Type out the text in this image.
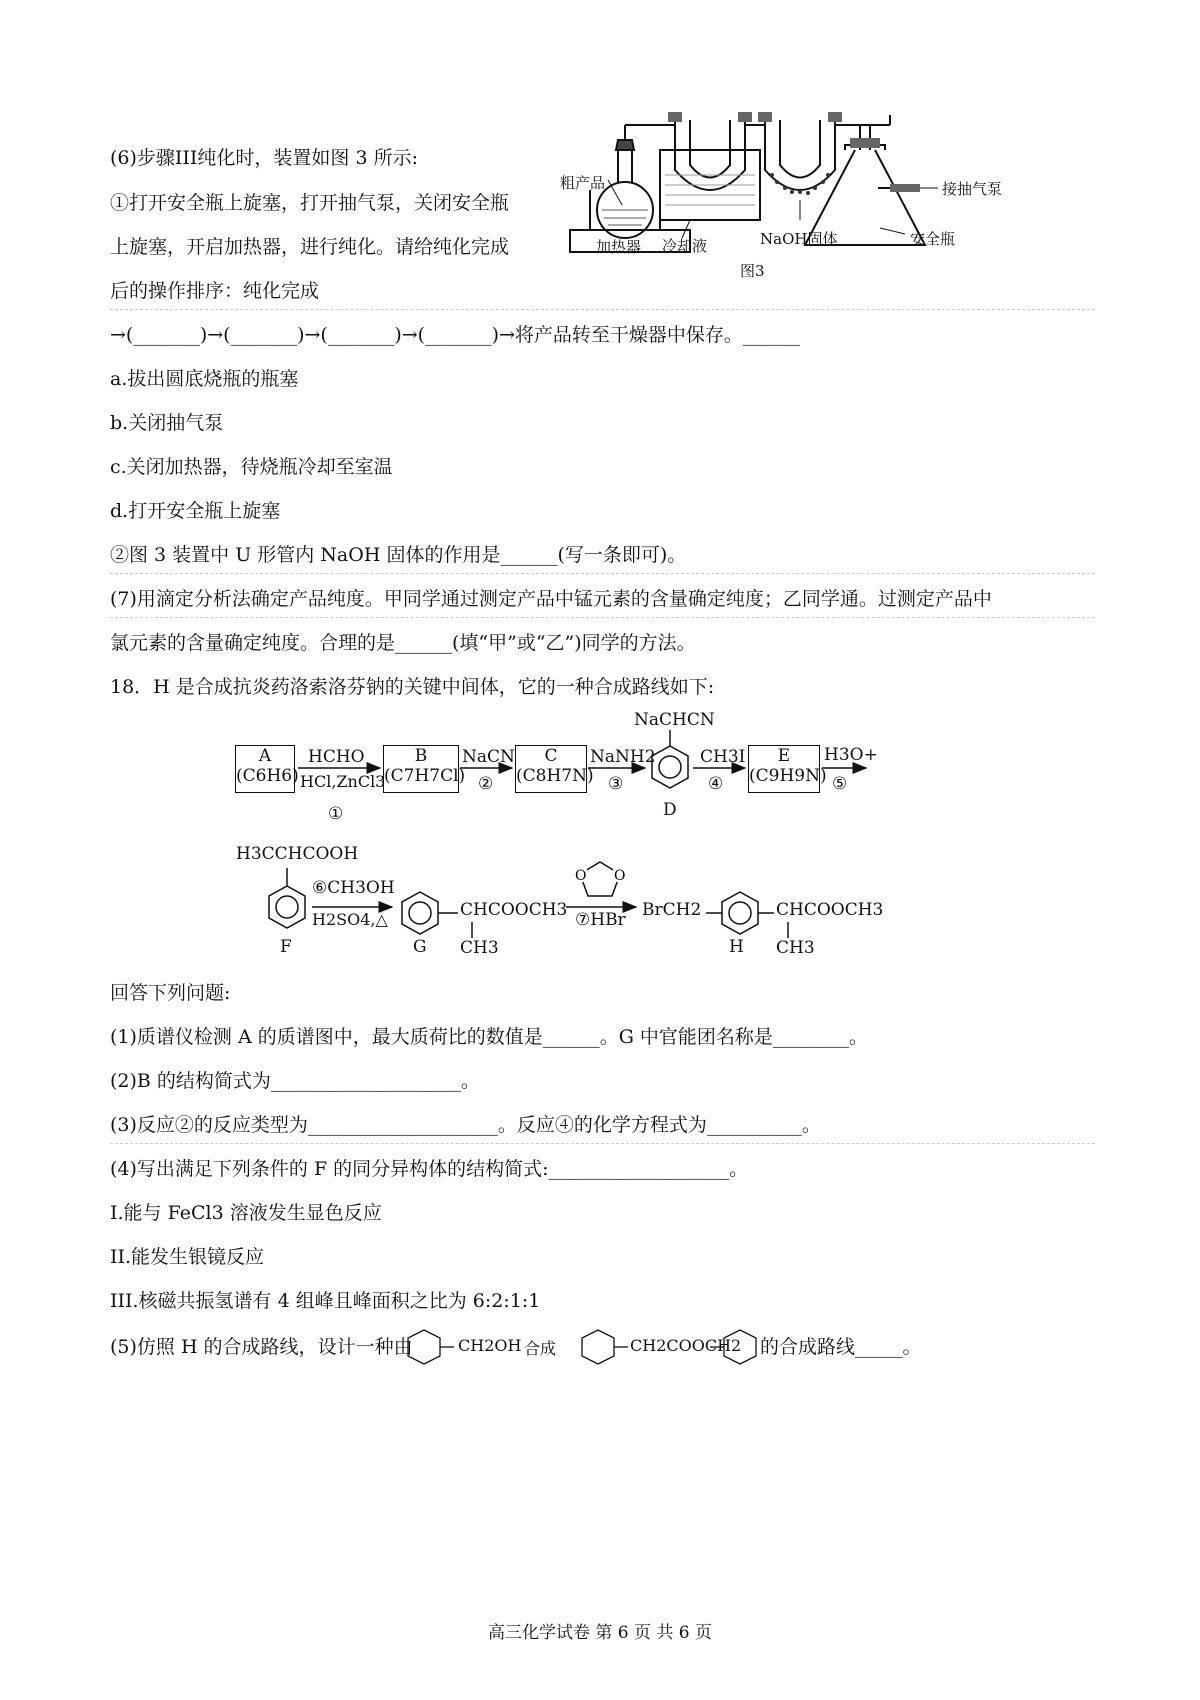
(6)步骤III纯化时，装置如图 3 所示:
①打开安全瓶上旋塞，打开抽气泵，关闭安全瓶
上旋塞，开启加热器，进行纯化。请给纯化完成
后的操作排序：纯化完成
粗产品
加热器 冷却液	NaOH固体
接抽气泵
安全瓶
图3
→(_______)→(_______)→(_______)→(_______)→将产品转至干燥器中保存。______
a.拔出圆底烧瓶的瓶塞
b.关闭抽气泵
c.关闭加热器，待烧瓶冷却至室温
d.打开安全瓶上旋塞
②图 3 装置中 U 形管内 NaOH 固体的作用是______(写一条即可)。
(7)用滴定分析法确定产品纯度。甲同学通过测定产品中锰元素的含量确定纯度；乙同学通。过测定产品中
氯元素的含量确定纯度。合理的是______(填“甲”或“乙”)同学的方法。
18．H 是合成抗炎药洛索洛芬钠的关键中间体，它的一种合成路线如下:
A
(C6H6)
B
(C7H7Cl)
C
(C8H7N)
E
(C9H9N)
HCHO
HCl,ZnCl3
①
NaCN
②
NaNH2
③
NaCHCN
D
CH3I
④
H3O+
⑤
O O
H3CCHCOOH
F
⑥CH3OH
H2SO4,△	CHCOOCH3
CH3
G
⑦HBr BrCH2	CHCOOCH3
CH3
H
回答下列问题:
(1)质谱仪检测 A 的质谱图中，最大质荷比的数值是______。G 中官能团名称是________。
(2)B 的结构简式为____________________。
(3)反应②的反应类型为____________________。反应④的化学方程式为__________。
(4)写出满足下列条件的 F 的同分异构体的结构简式:___________________。
I.能与 FeCl3 溶液发生显色反应
II.能发生银镜反应
III.核磁共振氢谱有 4 组峰且峰面积之比为 6:2:1:1
(5)仿照 H 的合成路线，设计一种由	CH2OH 合成	CH2COOCH2 的合成路线_____。
高三化学试卷 第 6 页 共 6 页
